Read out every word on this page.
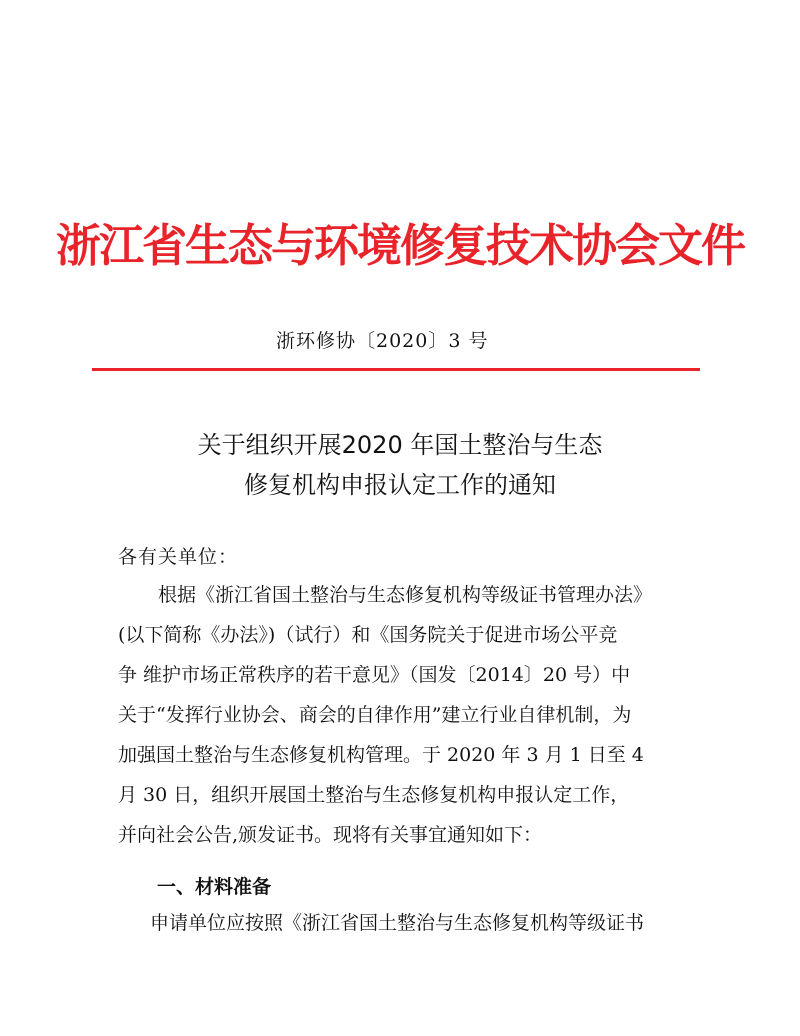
浙江省生态与环境修复技术协会文件
浙环修协〔2020〕3 号
关于组织开展2020 年国土整治与生态
修复机构申报认定工作的通知
各有关单位：
根据《浙江省国土整治与生态修复机构等级证书管理办法》
(以下简称《办法》)（试行）和《国务院关于促进市场公平竞
争 维护市场正常秩序的若干意见》（国发〔2014〕20 号）中
关于“发挥行业协会、商会的自律作用”建立行业自律机制，为
加强国土整治与生态修复机构管理。于 2020 年 3 月 1 日至 4
月 30 日，组织开展国土整治与生态修复机构申报认定工作，
并向社会公告,颁发证书。现将有关事宜通知如下：
一、材料准备
申请单位应按照《浙江省国土整治与生态修复机构等级证书
